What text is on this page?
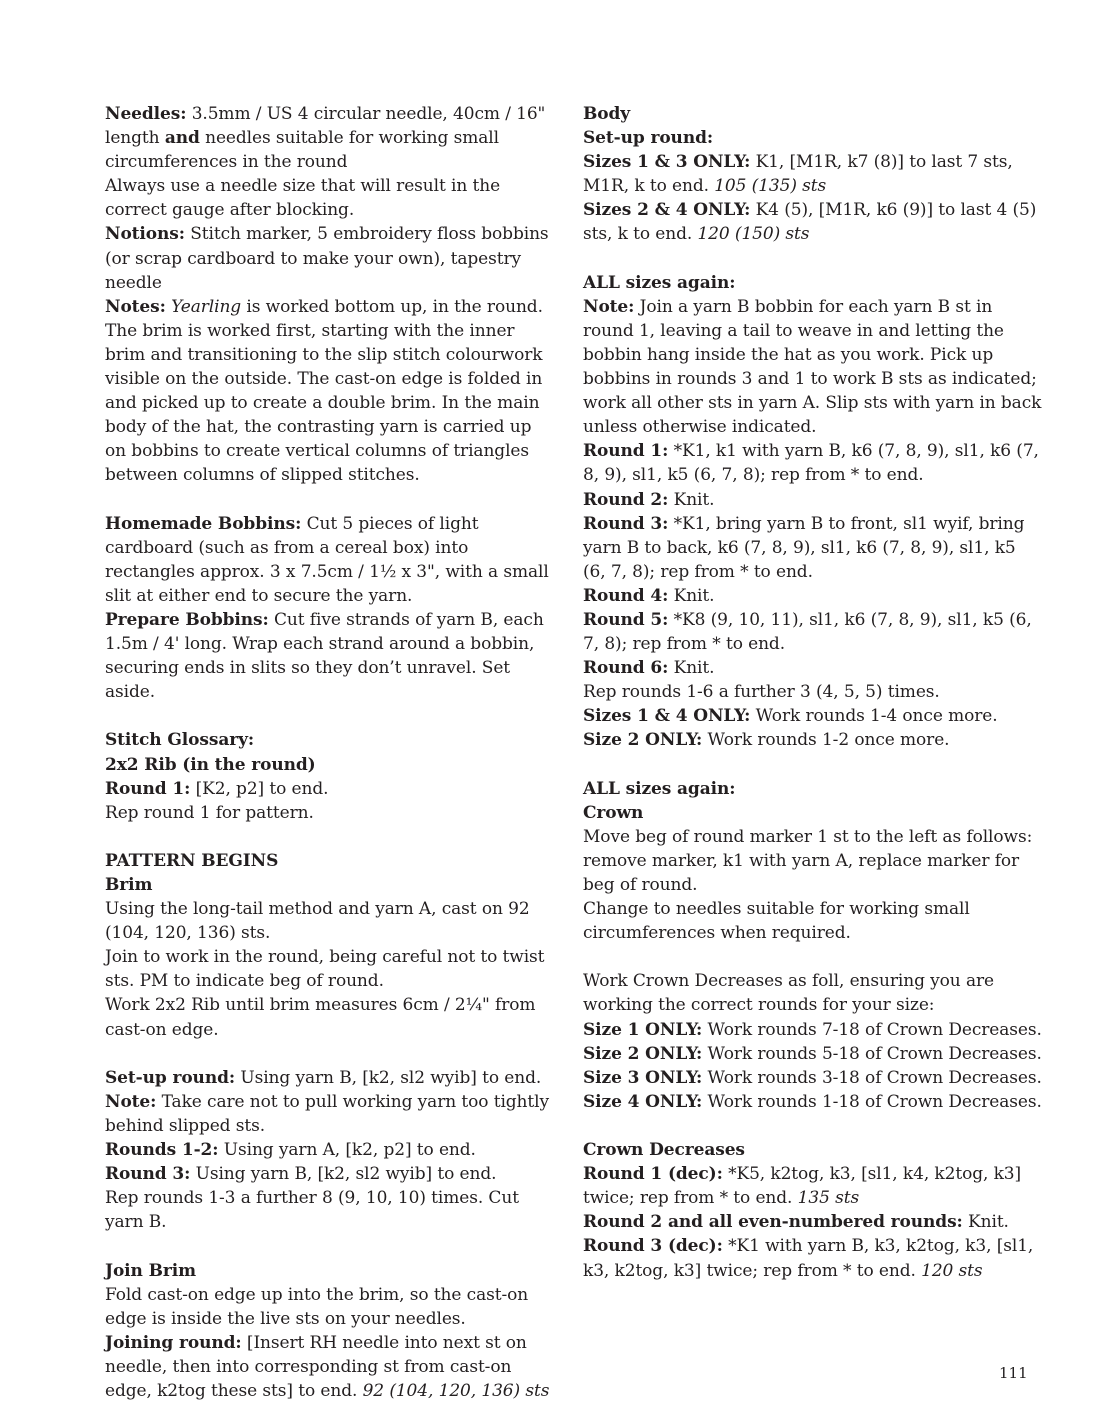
Needles: 3.5mm / US 4 circular needle, 40cm / 16" length and needles suitable for working small circumferences in the round

Always use a needle size that will result in the correct gauge after blocking.

Notions: Stitch marker, 5 embroidery floss bobbins (or scrap cardboard to make your own), tapestry needle

Notes: Yearling is worked bottom up, in the round. The brim is worked first, starting with the inner brim and transitioning to the slip stitch colourwork visible on the outside. The cast-on edge is folded in and picked up to create a double brim. In the main body of the hat, the contrasting yarn is carried up on bobbins to create vertical columns of triangles between columns of slipped stitches.

Homemade Bobbins: Cut 5 pieces of light cardboard (such as from a cereal box) into rectangles approx. 3 x 7.5cm / 1½ x 3", with a small slit at either end to secure the yarn.

Prepare Bobbins: Cut five strands of yarn B, each 1.5m / 4' long. Wrap each strand around a bobbin, securing ends in slits so they don’t unravel. Set aside.

Stitch Glossary:

2x2 Rib (in the round)

Round 1: [K2, p2] to end.

Rep round 1 for pattern.

PATTERN BEGINS

Brim

Using the long-tail method and yarn A, cast on 92 (104, 120, 136) sts.

Join to work in the round, being careful not to twist sts. PM to indicate beg of round.

Work 2x2 Rib until brim measures 6cm / 2¼" from cast-on edge.

Set-up round: Using yarn B, [k2, sl2 wyib] to end.

Note: Take care not to pull working yarn too tightly behind slipped sts.

Rounds 1-2: Using yarn A, [k2, p2] to end.

Round 3: Using yarn B, [k2, sl2 wyib] to end.

Rep rounds 1-3 a further 8 (9, 10, 10) times. Cut yarn B.

Join Brim

Fold cast-on edge up into the brim, so the cast-on edge is inside the live sts on your needles.

Joining round: [Insert RH needle into next st on needle, then into corresponding st from cast-on edge, k2tog these sts] to end. 92 (104, 120, 136) sts

Body

Set-up round:

Sizes 1 & 3 ONLY: K1, [M1R, k7 (8)] to last 7 sts, M1R, k to end. 105 (135) sts

Sizes 2 & 4 ONLY: K4 (5), [M1R, k6 (9)] to last 4 (5) sts, k to end. 120 (150) sts

ALL sizes again:

Note: Join a yarn B bobbin for each yarn B st in round 1, leaving a tail to weave in and letting the bobbin hang inside the hat as you work. Pick up bobbins in rounds 3 and 1 to work B sts as indicated; work all other sts in yarn A. Slip sts with yarn in back unless otherwise indicated.

Round 1: *K1, k1 with yarn B, k6 (7, 8, 9), sl1, k6 (7, 8, 9), sl1, k5 (6, 7, 8); rep from * to end.

Round 2: Knit.

Round 3: *K1, bring yarn B to front, sl1 wyif, bring yarn B to back, k6 (7, 8, 9), sl1, k6 (7, 8, 9), sl1, k5 (6, 7, 8); rep from * to end.

Round 4: Knit.

Round 5: *K8 (9, 10, 11), sl1, k6 (7, 8, 9), sl1, k5 (6, 7, 8); rep from * to end.

Round 6: Knit.

Rep rounds 1-6 a further 3 (4, 5, 5) times.

Sizes 1 & 4 ONLY: Work rounds 1-4 once more.

Size 2 ONLY: Work rounds 1-2 once more.

ALL sizes again:

Crown

Move beg of round marker 1 st to the left as follows: remove marker, k1 with yarn A, replace marker for beg of round.

Change to needles suitable for working small circumferences when required.

Work Crown Decreases as foll, ensuring you are working the correct rounds for your size:

Size 1 ONLY: Work rounds 7-18 of Crown Decreases.

Size 2 ONLY: Work rounds 5-18 of Crown Decreases.

Size 3 ONLY: Work rounds 3-18 of Crown Decreases.

Size 4 ONLY: Work rounds 1-18 of Crown Decreases.

Crown Decreases

Round 1 (dec): *K5, k2tog, k3, [sl1, k4, k2tog, k3] twice; rep from * to end. 135 sts

Round 2 and all even-numbered rounds: Knit.

Round 3 (dec): *K1 with yarn B, k3, k2tog, k3, [sl1, k3, k2tog, k3] twice; rep from * to end. 120 sts

111
